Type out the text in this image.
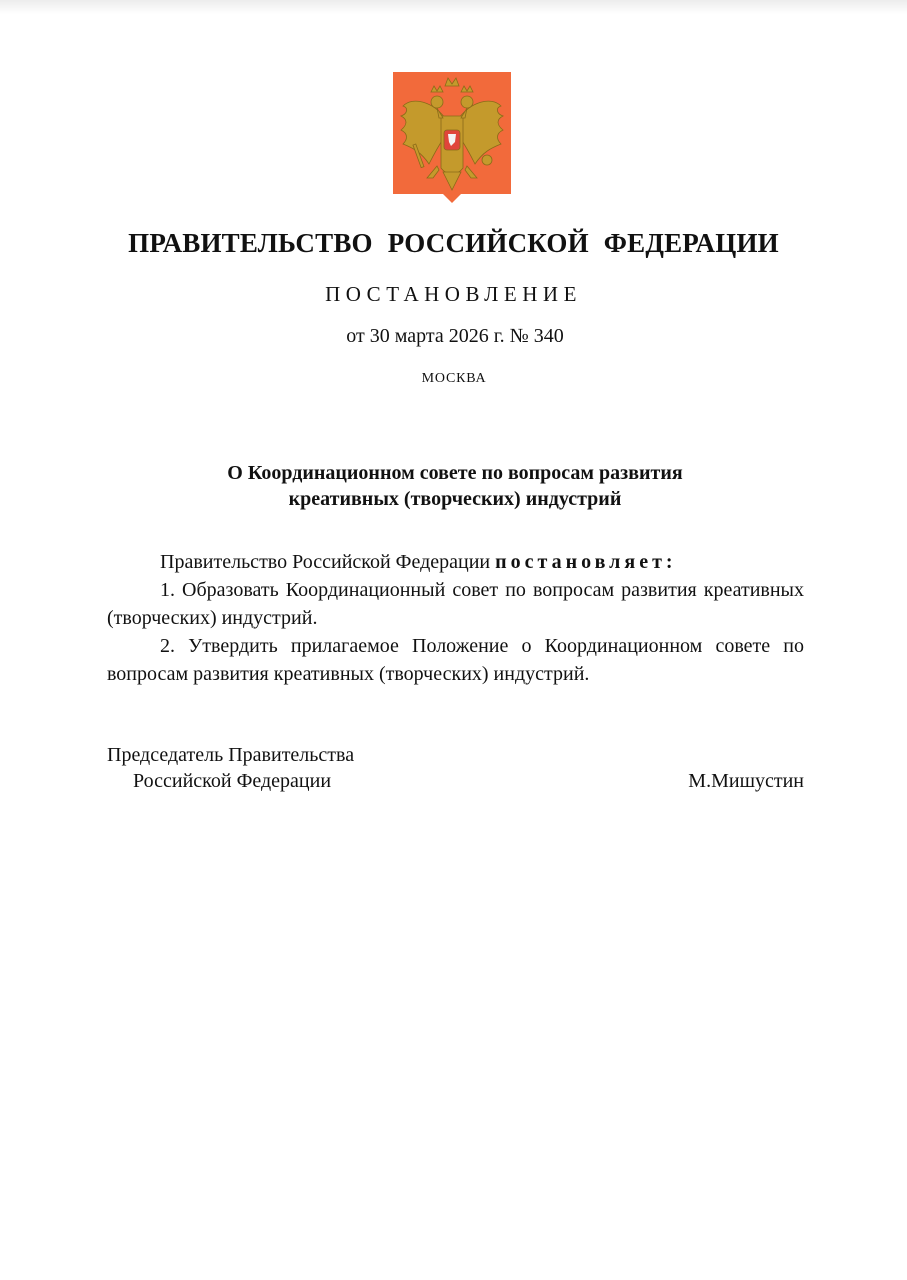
ПРАВИТЕЛЬСТВО РОССИЙСКОЙ ФЕДЕРАЦИИ
ПОСТАНОВЛЕНИЕ
от 30 марта 2026 г. № 340
МОСКВА
О Координационном совете по вопросам развития
креативных (творческих) индустрий

Правительство Российской Федерации постановляет:

1. Образовать Координационный совет по вопросам развития креативных (творческих) индустрий.

2. Утвердить прилагаемое Положение о Координационном совете по вопросам развития креативных (творческих) индустрий.

Председатель Правительства
Российской Федерации	М.Мишустин
